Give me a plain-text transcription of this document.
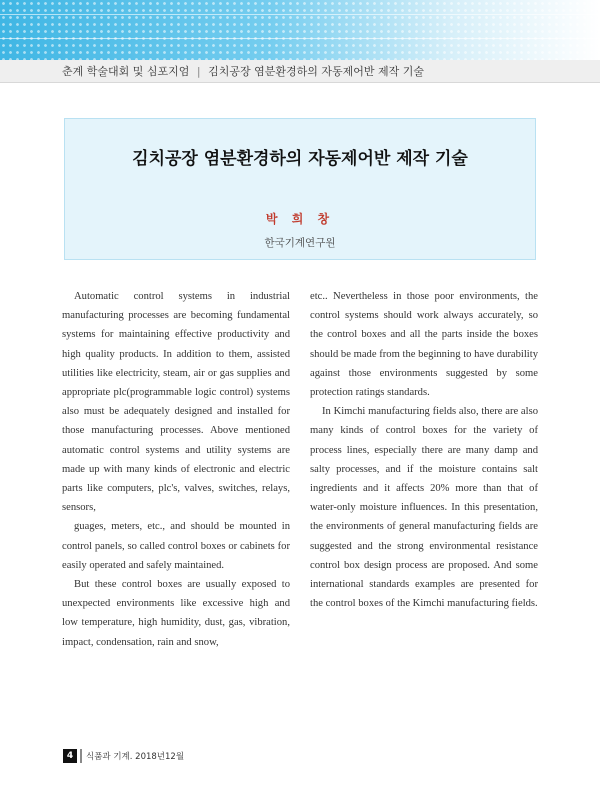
춘계 학술대회 및 심포지엄 | 김치공장 염분환경하의 자동제어반 제작 기술
김치공장 염분환경하의 자동제어반 제작 기술
박 희 창
한국기계연구원

Automatic control systems in industrial manufacturing processes are becoming fundamental systems for maintaining effective productivity and high quality products. In addition to them, assisted utilities like electricity, steam, air or gas supplies and appropriate plc(programmable logic control) systems also must be adequately designed and installed for those manufacturing processes. Above mentioned automatic control systems and utility systems are made up with many kinds of electronic and electric parts like computers, plc's, valves, switches, relays, sensors,

guages, meters, etc., and should be mounted in control panels, so called control boxes or cabinets for easily operated and safely maintained.

But these control boxes are usually exposed to unexpected environments like excessive high and low temperature, high humidity, dust, gas, vibration, impact, condensation, rain and snow,

etc.. Nevertheless in those poor environments, the control systems should work always accurately, so the control boxes and all the parts inside the boxes should be made from the beginning to have durability against those environments suggested by some protection ratings standards.

In Kimchi manufacturing fields also, there are also many kinds of control boxes for the variety of process lines, especially there are many damp and salty processes, and if the moisture contains salt ingredients and it affects 20% more than that of water-only moisture influences. In this presentation, the environments of general manufacturing fields are suggested and the strong environmental resistance control box design process are proposed. And some international standards examples are presented for the control boxes of the Kimchi manufacturing fields.

4	식품과 기계. 2018년12월
